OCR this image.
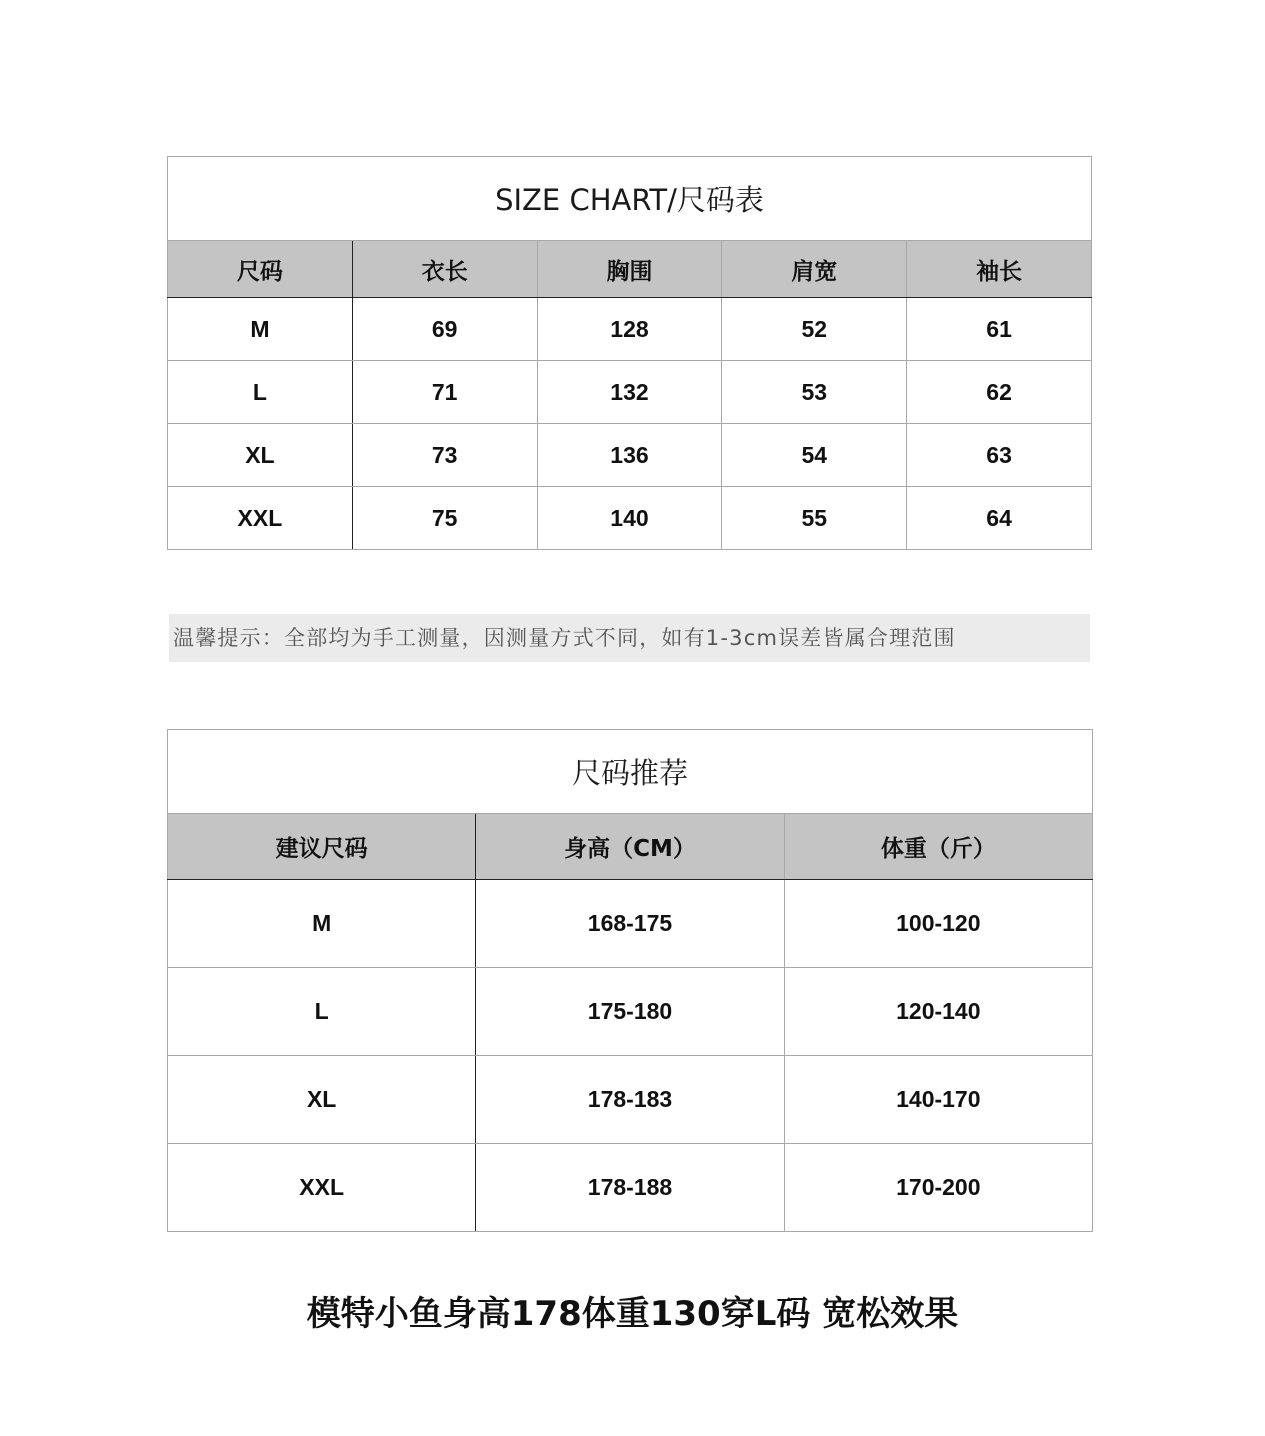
SIZE CHART/尺码表				
尺码	衣长	胸围	肩宽	袖长
M	69	128	52	61
L	71	132	53	62
XL	73	136	54	63
XXL	75	140	55	64
温馨提示：全部均为手工测量，因测量方式不同，如有1-3cm误差皆属合理范围
尺码推荐		
建议尺码	身高（CM）	体重（斤）
M	168-175	100-120
L	175-180	120-140
XL	178-183	140-170
XXL	178-188	170-200
模特小鱼身高178体重130穿L码 宽松效果
